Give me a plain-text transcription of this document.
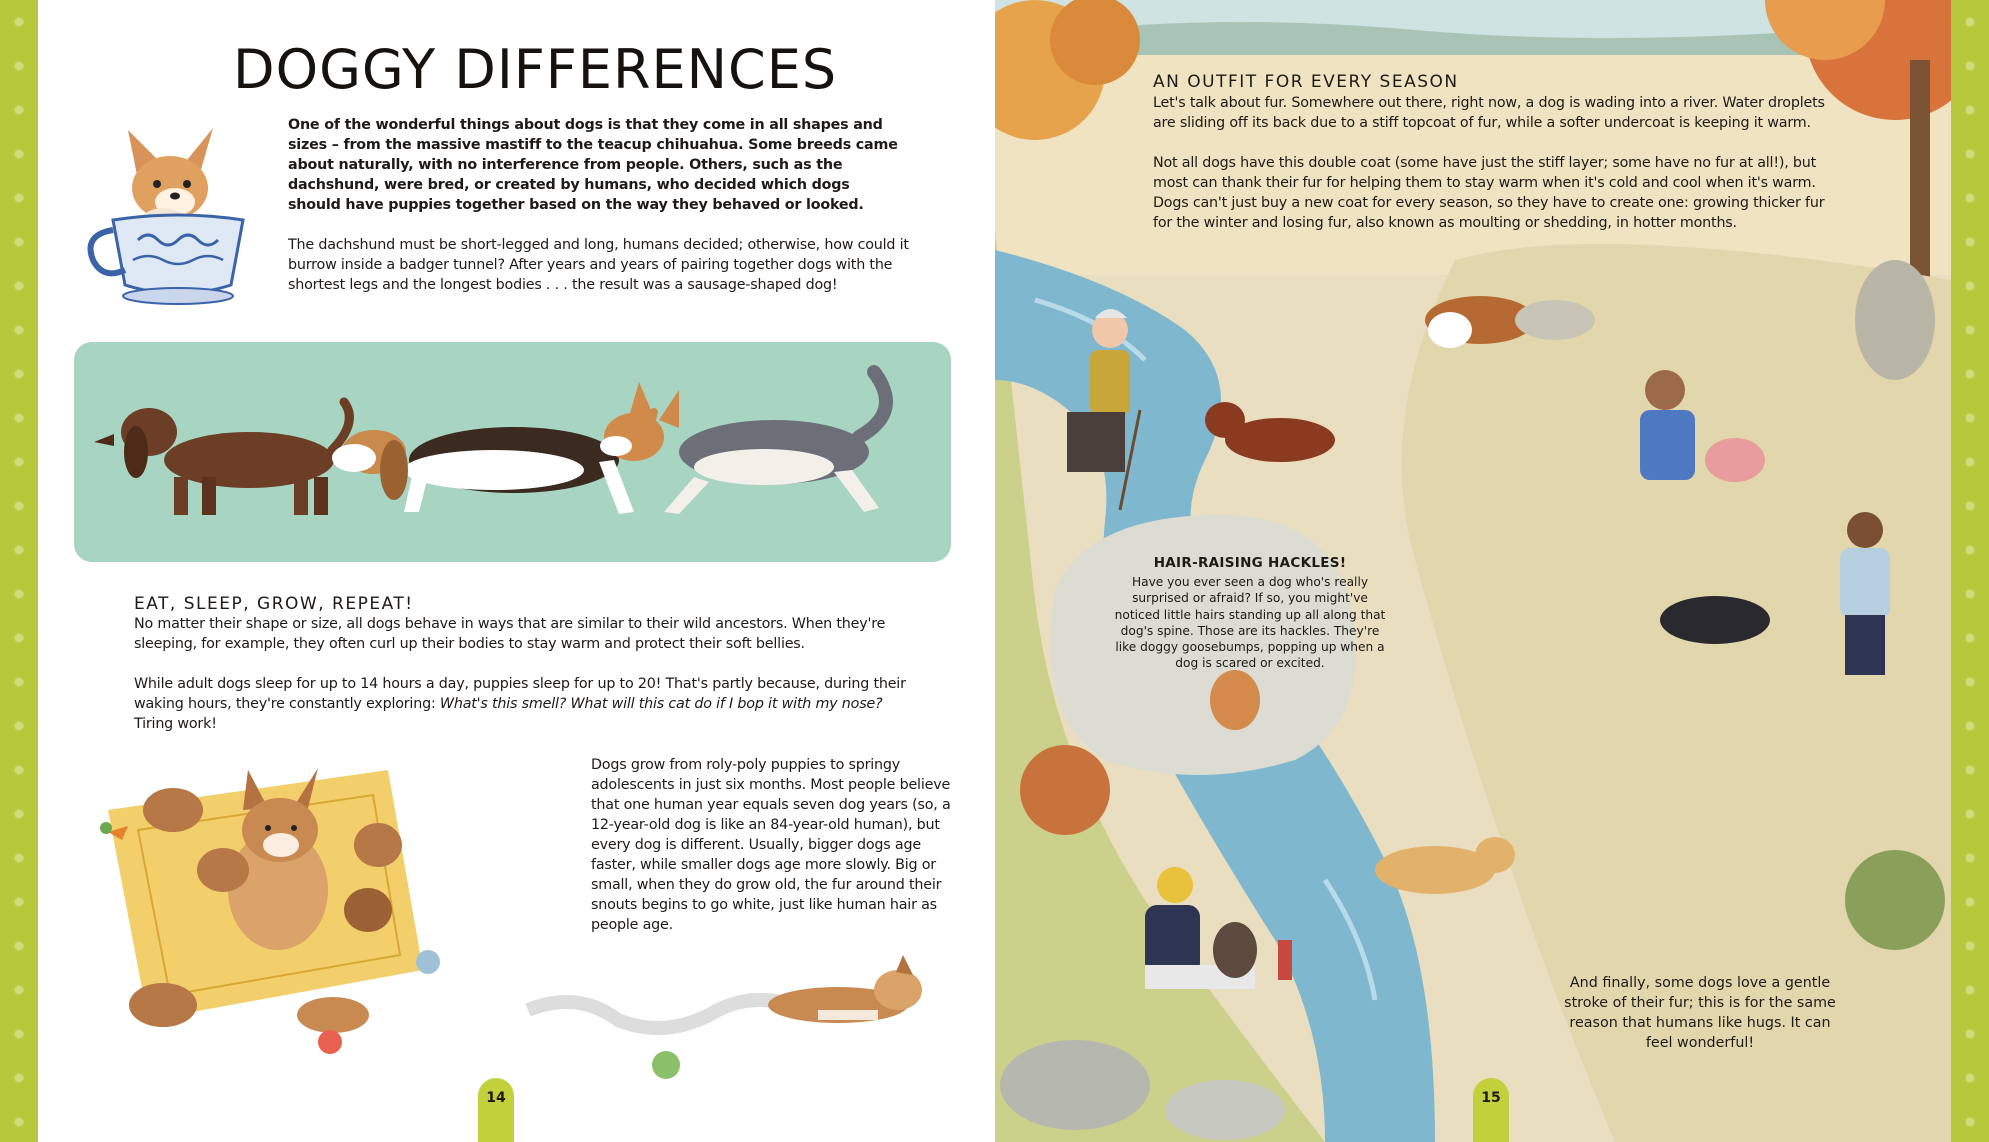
DOGGY DIFFERENCES

One of the wonderful things about dogs is that they come in all shapes and sizes – from the massive mastiff to the teacup chihuahua. Some breeds came about naturally, with no interference from people. Others, such as the dachshund, were bred, or created by humans, who decided which dogs should have puppies together based on the way they behaved or looked.

The dachshund must be short-legged and long, humans decided; otherwise, how could it burrow inside a badger tunnel? After years and years of pairing together dogs with the shortest legs and the longest bodies . . . the result was a sausage-shaped dog!

EAT, SLEEP, GROW, REPEAT!

No matter their shape or size, all dogs behave in ways that are similar to their wild ancestors. When they're sleeping, for example, they often curl up their bodies to stay warm and protect their soft bellies.

While adult dogs sleep for up to 14 hours a day, puppies sleep for up to 20! That's partly because, during their waking hours, they're constantly exploring: What's this smell? What will this cat do if I bop it with my nose? Tiring work!

Dogs grow from roly-poly puppies to springy adolescents in just six months. Most people believe that one human year equals seven dog years (so, a 12-year-old dog is like an 84-year-old human), but every dog is different. Usually, bigger dogs age faster, while smaller dogs age more slowly. Big or small, when they do grow old, the fur around their snouts begins to go white, just like human hair as people age.

14
AN OUTFIT FOR EVERY SEASON

Let's talk about fur. Somewhere out there, right now, a dog is wading into a river. Water droplets are sliding off its back due to a stiff topcoat of fur, while a softer undercoat is keeping it warm.

Not all dogs have this double coat (some have just the stiff layer; some have no fur at all!), but most can thank their fur for helping them to stay warm when it's cold and cool when it's warm. Dogs can't just buy a new coat for every season, so they have to create one: growing thicker fur for the winter and losing fur, also known as moulting or shedding, in hotter months.

HAIR-RAISING HACKLES!

Have you ever seen a dog who's really surprised or afraid? If so, you might've noticed little hairs standing up all along that dog's spine. Those are its hackles. They're like doggy goosebumps, popping up when a dog is scared or excited.

And finally, some dogs love a gentle stroke of their fur; this is for the same reason that humans like hugs. It can feel wonderful!

15
